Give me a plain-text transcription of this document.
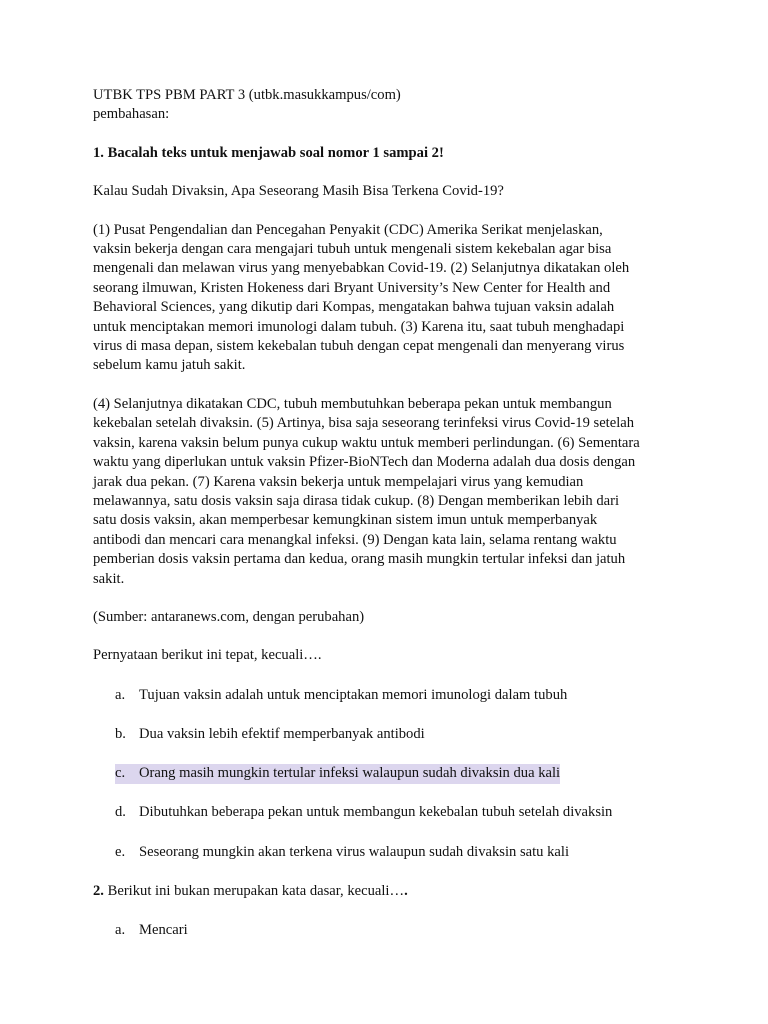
UTBK TPS PBM PART 3 (utbk.masukkampus/com)

pembahasan:

1. Bacalah teks untuk menjawab soal nomor 1 sampai 2!

Kalau Sudah Divaksin, Apa Seseorang Masih Bisa Terkena Covid-19?

(1) Pusat Pengendalian dan Pencegahan Penyakit (CDC) Amerika Serikat menjelaskan,

vaksin bekerja dengan cara mengajari tubuh untuk mengenali sistem kekebalan agar bisa

mengenali dan melawan virus yang menyebabkan Covid-19. (2) Selanjutnya dikatakan oleh

seorang ilmuwan, Kristen Hokeness dari Bryant University’s New Center for Health and

Behavioral Sciences, yang dikutip dari Kompas, mengatakan bahwa tujuan vaksin adalah

untuk menciptakan memori imunologi dalam tubuh. (3) Karena itu, saat tubuh menghadapi

virus di masa depan, sistem kekebalan tubuh dengan cepat mengenali dan menyerang virus

sebelum kamu jatuh sakit.

(4) Selanjutnya dikatakan CDC, tubuh membutuhkan beberapa pekan untuk membangun

kekebalan setelah divaksin. (5) Artinya, bisa saja seseorang terinfeksi virus Covid-19 setelah

vaksin, karena vaksin belum punya cukup waktu untuk memberi perlindungan. (6) Sementara

waktu yang diperlukan untuk vaksin Pfizer-BioNTech dan Moderna adalah dua dosis dengan

jarak dua pekan. (7) Karena vaksin bekerja untuk mempelajari virus yang kemudian

melawannya, satu dosis vaksin saja dirasa tidak cukup. (8) Dengan memberikan lebih dari

satu dosis vaksin, akan memperbesar kemungkinan sistem imun untuk memperbanyak

antibodi dan mencari cara menangkal infeksi. (9) Dengan kata lain, selama rentang waktu

pemberian dosis vaksin pertama dan kedua, orang masih mungkin tertular infeksi dan jatuh

sakit.

(Sumber: antaranews.com, dengan perubahan)

Pernyataan berikut ini tepat, kecuali….

a. Tujuan vaksin adalah untuk menciptakan memori imunologi dalam tubuh
b. Dua vaksin lebih efektif memperbanyak antibodi
c. Orang masih mungkin tertular infeksi walaupun sudah divaksin dua kali
d. Dibutuhkan beberapa pekan untuk membangun kekebalan tubuh setelah divaksin
e. Seseorang mungkin akan terkena virus walaupun sudah divaksin satu kali

2. Berikut ini bukan merupakan kata dasar, kecuali….

a. Mencari
